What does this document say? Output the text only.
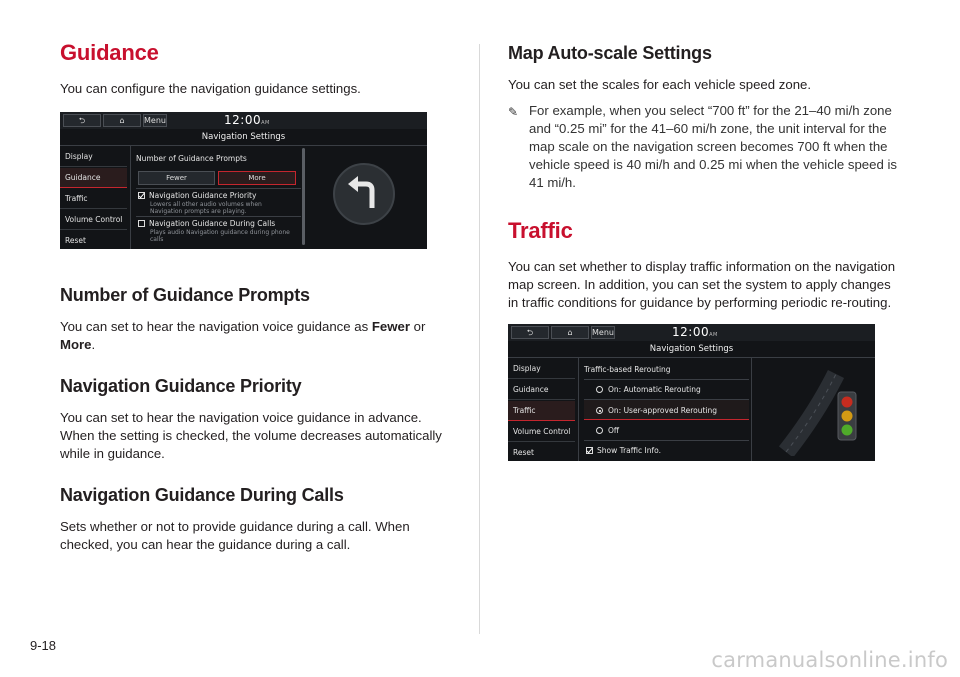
Guidance

You can configure the navigation guidance settings.

⮌	⌂	Menu	12:00AM
Navigation Settings
Display
Guidance
Traffic
Volume Control
Reset
Number of Guidance Prompts
Fewer	More
Navigation Guidance Priority
Lowers all other audio volumes when
Navigation prompts are playing.
Navigation Guidance During Calls
Plays audio Navigation guidance during phone
calls
Number of Guidance Prompts

You can set to hear the navigation voice guidance as Fewer or
More.

Navigation Guidance Priority

You can set to hear the navigation voice guidance in advance. When the setting is checked, the volume decreases automatically while in guidance.

Navigation Guidance During Calls

Sets whether or not to provide guidance during a call. When checked, you can hear the guidance during a call.

Map Auto-scale Settings

You can set the scales for each vehicle speed zone.

✎ For example, when you select “700 ft” for the 21–40 mi/h zone and “0.25 mi” for the 41–60 mi/h zone, the unit interval for the map scale on the navigation screen becomes 700 ft when the vehicle speed is 40 mi/h and 0.25 mi when the vehicle speed is 41 mi/h.
Traffic

You can set whether to display traffic information on the navigation map screen. In addition, you can set the system to apply changes in traffic conditions for guidance by performing periodic re-routing.

⮌	⌂	Menu	12:00AM
Navigation Settings
Display
Guidance
Traffic
Volume Control
Reset
Traffic-based Rerouting
On: Automatic Rerouting
On: User-approved Rerouting
Off
Show Traffic Info.
9-18
carmanualsonline.info
